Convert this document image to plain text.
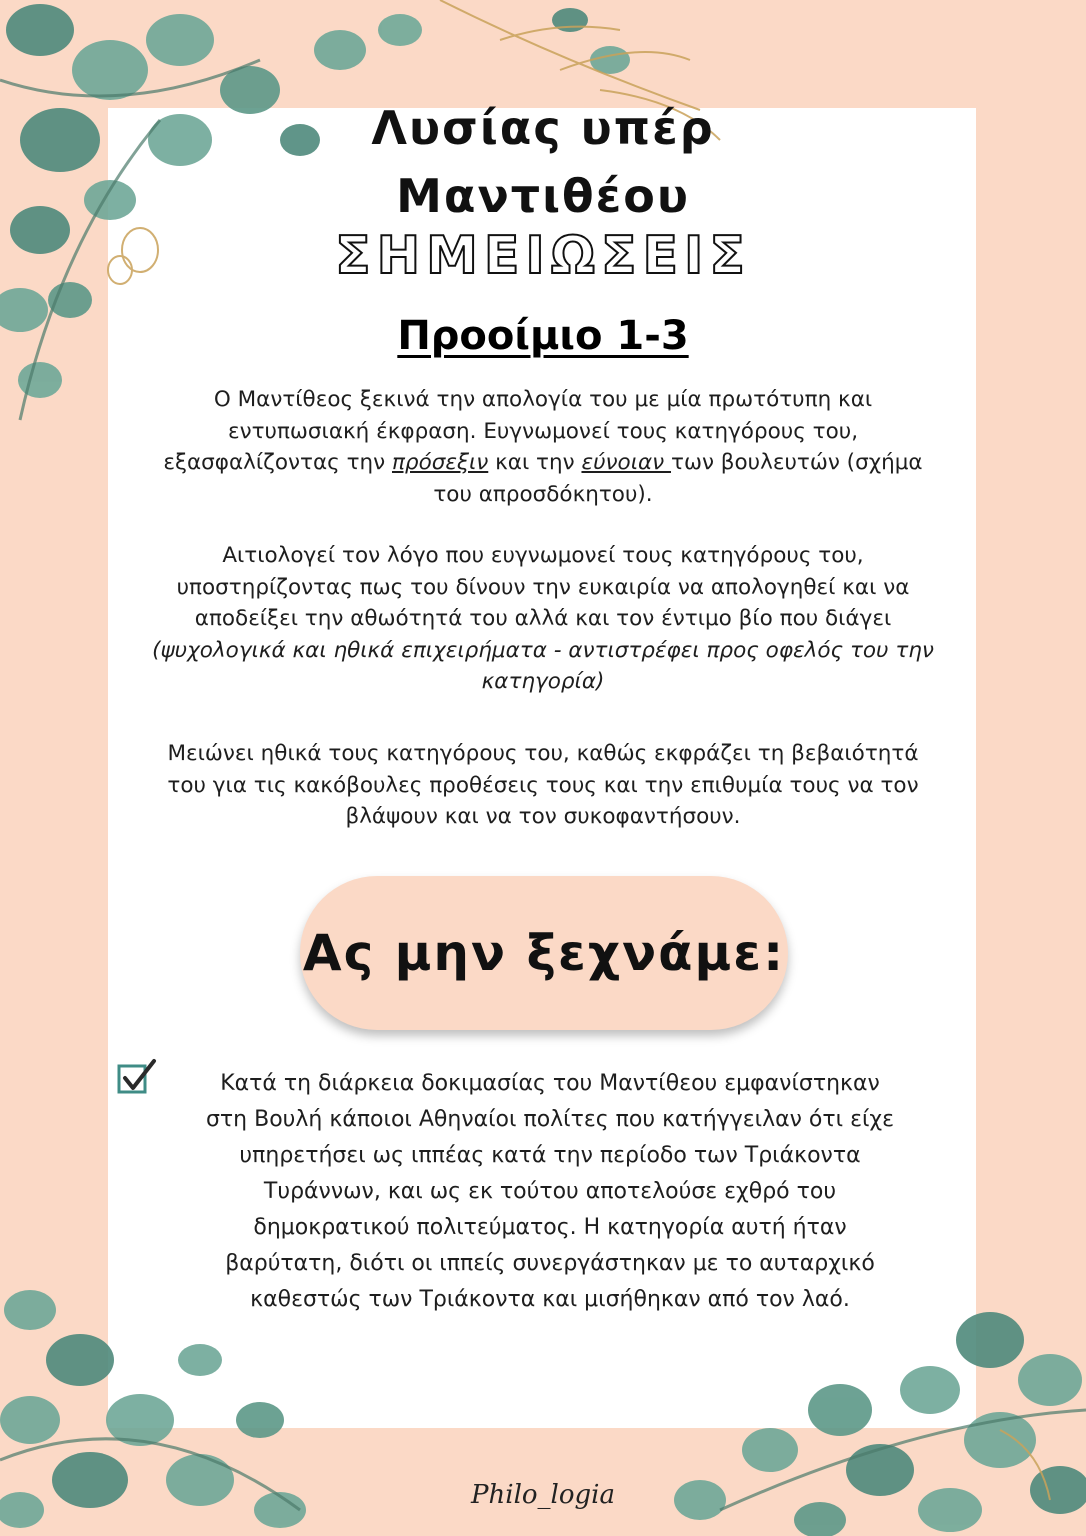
Λυσίας υπέρ
Μαντιθέου
ΣΗΜΕΙΩΣΕΙΣ
Προοίμιο 1-3
Ο Μαντίθεος ξεκινά την απολογία του με μία πρωτότυπη και
εντυπωσιακή έκφραση. Ευγνωμονεί τους κατηγόρους του,
εξασφαλίζοντας την πρόσεξιν και την εύνοιαν των βουλευτών (σχήμα
του απροσδόκητου).
Αιτιολογεί τον λόγο που ευγνωμονεί τους κατηγόρους του,
υποστηρίζοντας πως του δίνουν την ευκαιρία να απολογηθεί και να
αποδείξει την αθωότητά του αλλά και τον έντιμο βίο που διάγει
(ψυχολογικά και ηθικά επιχειρήματα - αντιστρέφει προς οφελός του την
κατηγορία)
Μειώνει ηθικά τους κατηγόρους του, καθώς εκφράζει τη βεβαιότητά
του για τις κακόβουλες προθέσεις τους και την επιθυμία τους να τον
βλάψουν και να τον συκοφαντήσουν.
Ας μην ξεχνάμε:
Κατά τη διάρκεια δοκιμασίας του Μαντίθεου εμφανίστηκαν
στη Βουλή κάποιοι Αθηναίοι πολίτες που κατήγγειλαν ότι είχε
υπηρετήσει ως ιππέας κατά την περίοδο των Τριάκοντα
Τυράννων, και ως εκ τούτου αποτελούσε εχθρό του
δημοκρατικού πολιτεύματος. Η κατηγορία αυτή ήταν
βαρύτατη, διότι οι ιππείς συνεργάστηκαν με το αυταρχικό
καθεστώς των Τριάκοντα και μισήθηκαν από τον λαό.
Philo_logia
